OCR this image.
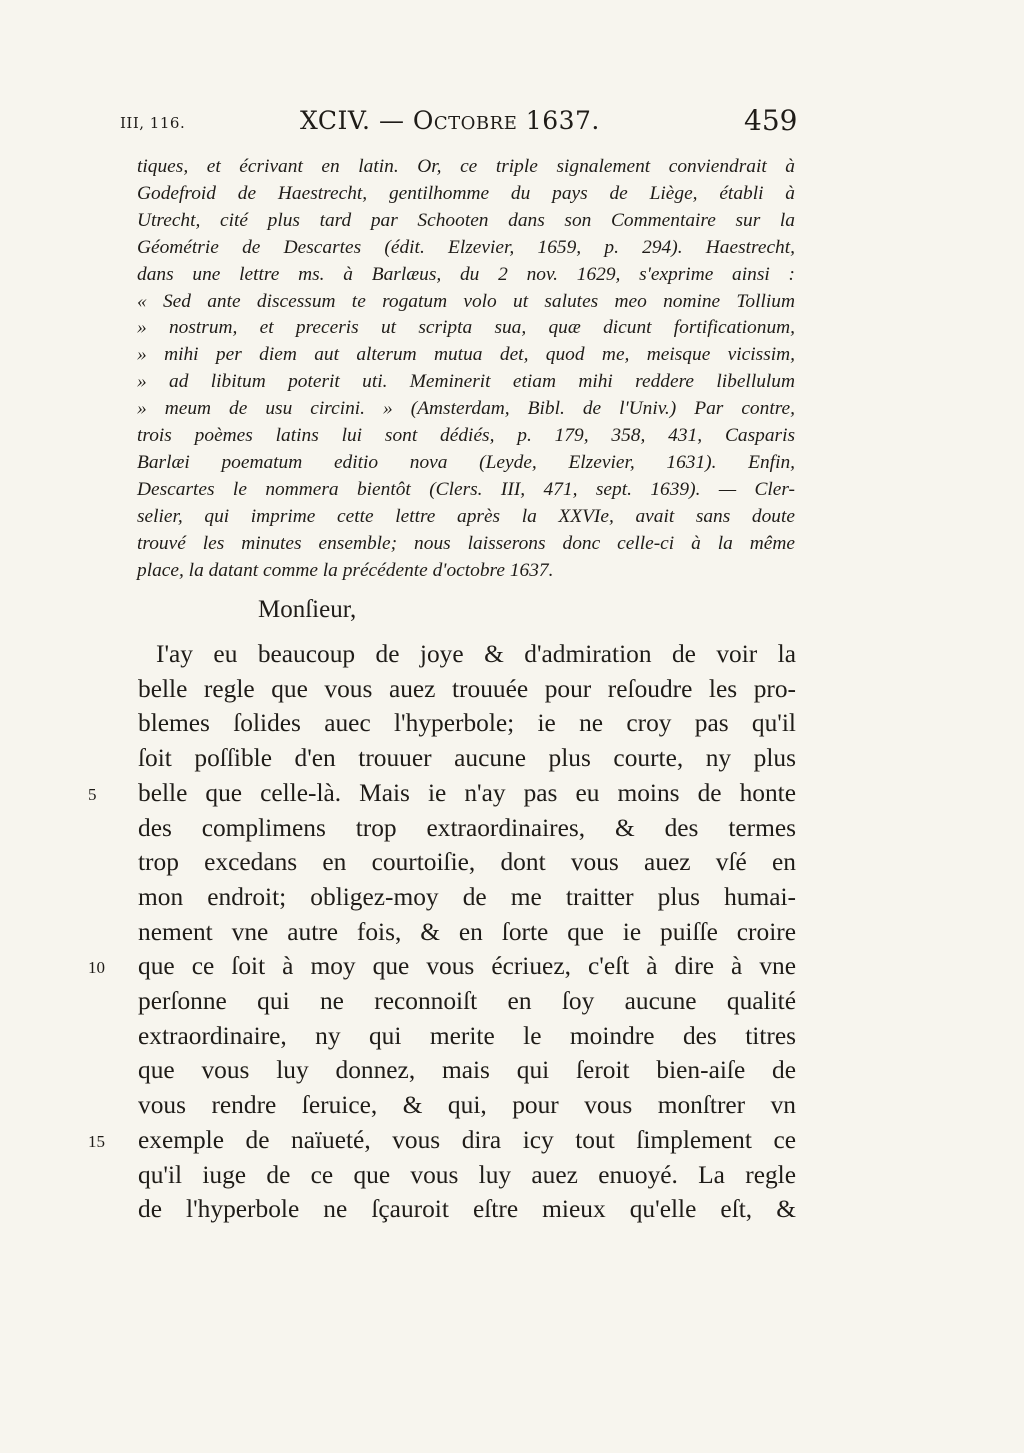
III, 116.	XCIV. — Octobre 1637.	459
tiques, et écrivant en latin. Or, ce triple signalement conviendrait à
Godefroid de Haestrecht, gentilhomme du pays de Liège, établi à
Utrecht, cité plus tard par Schooten dans son Commentaire sur la
Géométrie de Descartes (édit. Elzevier, 1659, p. 294). Haestrecht,
dans une lettre ms. à Barlæus, du 2 nov. 1629, s'exprime ainsi :
« Sed ante discessum te rogatum volo ut salutes meo nomine Tollium
» nostrum, et preceris ut scripta sua, quæ dicunt fortificationum,
» mihi per diem aut alterum mutua det, quod me, meisque vicissim,
» ad libitum poterit uti. Meminerit etiam mihi reddere libellulum
» meum de usu circini. » (Amsterdam, Bibl. de l'Univ.) Par contre,
trois poèmes latins lui sont dédiés, p. 179, 358, 431, Casparis
Barlæi poematum editio nova (Leyde, Elzevier, 1631). Enfin,
Descartes le nommera bientôt (Clers. III, 471, sept. 1639). — Cler-
selier, qui imprime cette lettre après la XXVIe, avait sans doute
trouvé les minutes ensemble; nous laisserons donc celle-ci à la même
place, la datant comme la précédente d'octobre 1637.
Monſieur,
5
10
15
I'ay eu beaucoup de joye & d'admiration de voir la
belle regle que vous auez trouuée pour reſoudre les pro-
blemes ſolides auec l'hyperbole; ie ne croy pas qu'il
ſoit poſſible d'en trouuer aucune plus courte, ny plus
belle que celle-là. Mais ie n'ay pas eu moins de honte
des complimens trop extraordinaires, & des termes
trop excedans en courtoiſie, dont vous auez vſé en
mon endroit; obligez-moy de me traitter plus humai-
nement vne autre fois, & en ſorte que ie puiſſe croire
que ce ſoit à moy que vous écriuez, c'eſt à dire à vne
perſonne qui ne reconnoiſt en ſoy aucune qualité
extraordinaire, ny qui merite le moindre des titres
que vous luy donnez, mais qui ſeroit bien-aiſe de
vous rendre ſeruice, & qui, pour vous monſtrer vn
exemple de naïueté, vous dira icy tout ſimplement ce
qu'il iuge de ce que vous luy auez enuoyé. La regle
de l'hyperbole ne ſçauroit eſtre mieux qu'elle eſt, &
